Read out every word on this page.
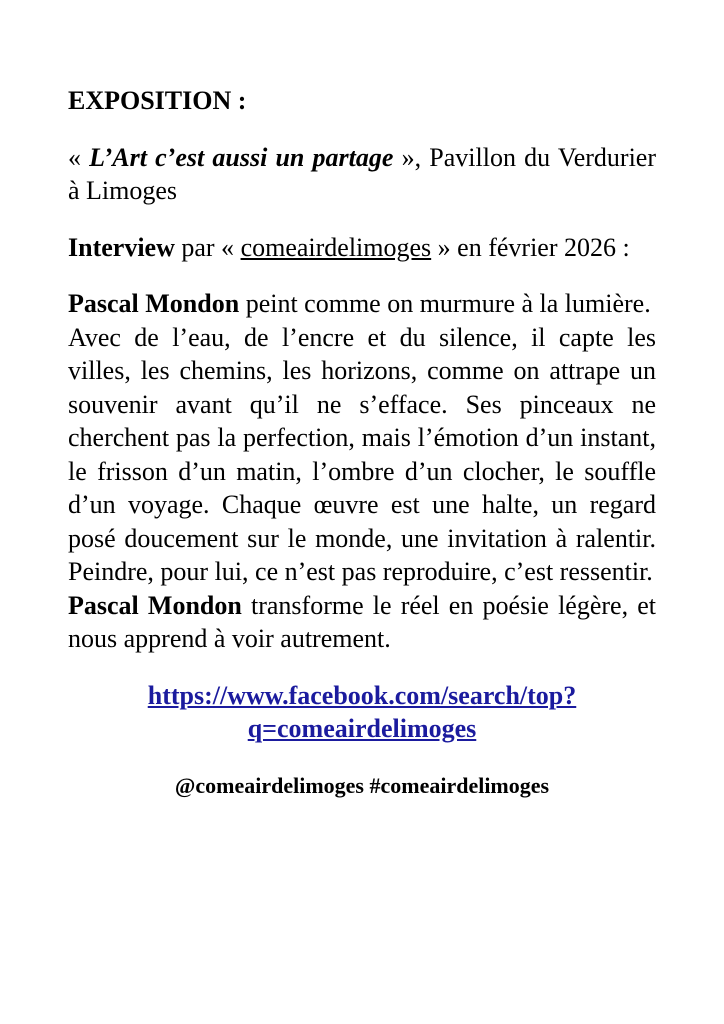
EXPOSITION :

« L’Art c’est aussi un partage », Pavillon du Verdurier à Limoges

Interview par « comeairdelimoges » en février 2026 :

Pascal Mondon peint comme on murmure à la lumière.
Avec de l’eau, de l’encre et du silence, il capte les villes, les chemins, les horizons, comme on attrape un souvenir avant qu’il ne s’efface. Ses pinceaux ne cherchent pas la perfection, mais l’émotion d’un instant, le frisson d’un matin, l’ombre d’un clocher, le souffle d’un voyage. Chaque œuvre est une halte, un regard posé doucement sur le monde, une invitation à ralentir. Peindre, pour lui, ce n’est pas reproduire, c’est ressentir.
Pascal Mondon transforme le réel en poésie légère, et nous apprend à voir autrement.

https://www.facebook.com/search/top?q=comeairdelimoges

@comeairdelimoges #comeairdelimoges
